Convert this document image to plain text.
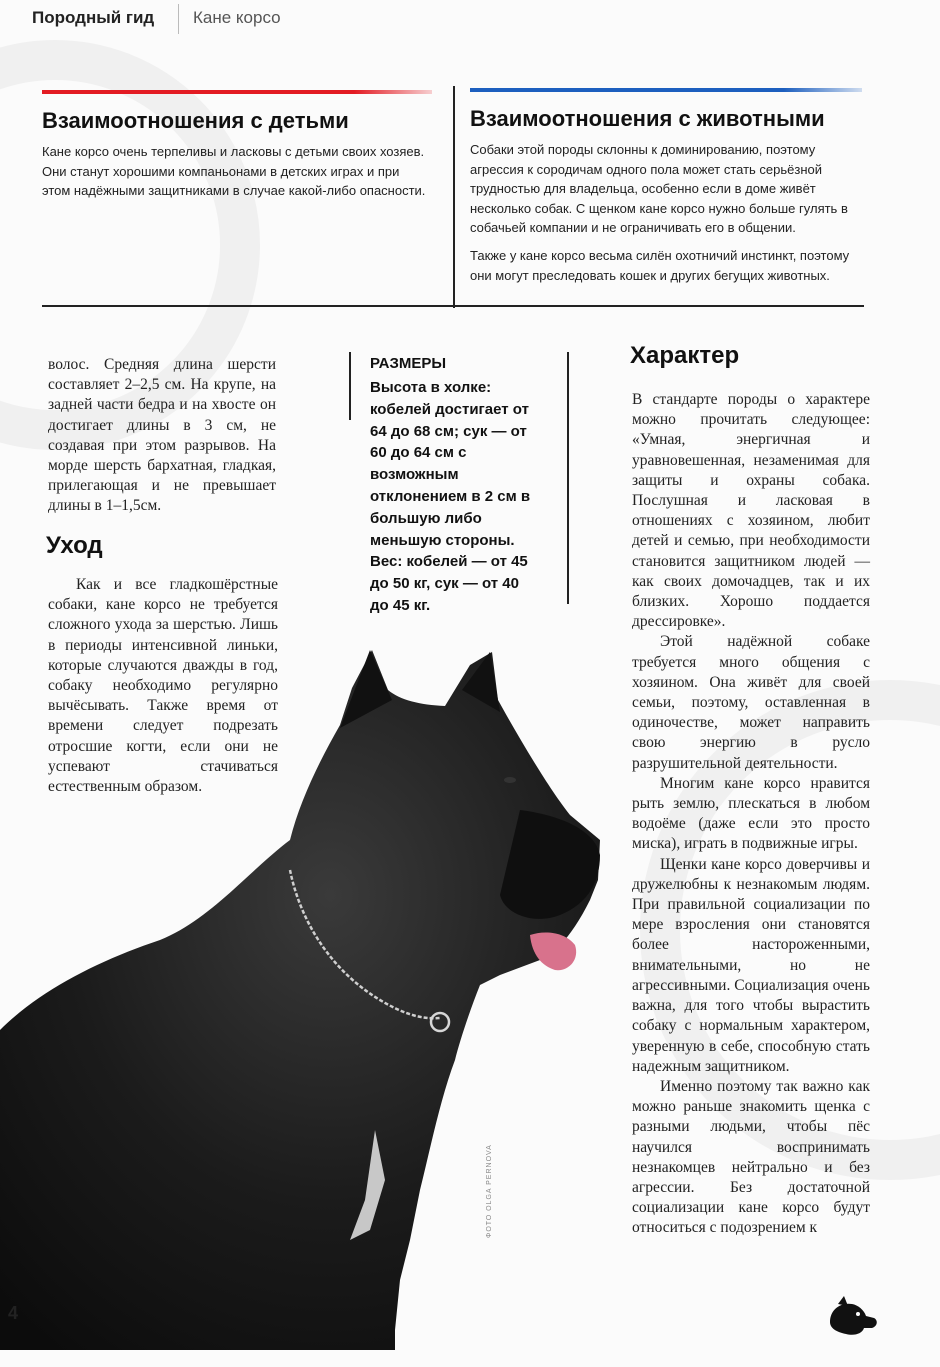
Породный гид Кане корсо
Взаимоотношения с детьми

Кане корсо очень терпеливы и ласковы с детьми своих хозяев. Они станут хорошими компаньонами в детских играх и при этом надёжными защитниками в случае какой-либо опасности.

Взаимоотношения с животными

Собаки этой породы склонны к доминированию, поэтому агрессия к сородичам одного пола может стать серьёзной трудностью для владельца, особенно если в доме живёт несколько собак. С щенком кане корсо нужно больше гулять в собачьей компании и не ограничивать его в общении.

Также у кане корсо весьма силён охотничий инстинкт, поэтому они могут преследовать кошек и других бегущих животных.

волос. Средняя длина шерсти составляет 2–2,5 см. На крупе, на задней части бедра и на хвосте он достигает длины в 3 см, не создавая при этом разрывов. На морде шерсть бархатная, гладкая, прилегающая и не превышает длины в 1–1,5см.

Уход

Как и все гладкошёрстные собаки, кане корсо не требуется сложного ухода за шерстью. Лишь в периоды интенсивной линьки, которые случаются дважды в год, собаку необходимо регулярно вычёсывать. Также время от времени следует подрезать отросшие когти, если они не успевают стачиваться естественным образом.

РАЗМЕРЫ

Высота в холке: кобелей достигает от 64 до 68 см; сук — от 60 до 64 см с возможным отклонением в 2 см в большую либо меньшую стороны. Вес: кобелей — от 45 до 50 кг, сук — от 40 до 45 кг.

Характер

В стандарте породы о характере можно прочитать следующее: «Умная, энергичная и уравновешенная, незаменимая для защиты и охраны собака. Послушная и ласковая в отношениях с хозяином, любит детей и семью, при необходимости становится защитником людей — как своих домочадцев, так и их близких. Хорошо поддается дрессировке».

Этой надёжной собаке требуется много общения с хозяином. Она живёт для своей семьи, поэтому, оставленная в одиночестве, может направить свою энергию в русло разрушительной деятельности.

Многим кане корсо нравится рыть землю, плескаться в любом водоёме (даже если это просто миска), играть в подвижные игры.

Щенки кане корсо доверчивы и дружелюбны к незнакомым людям. При правильной социализации по мере взросления они становятся более настороженными, внимательными, но не агрессивными. Социализация очень важна, для того чтобы вырастить собаку с нормальным характером, уверенную в себе, способную стать надежным защитником.

Именно поэтому так важно как можно раньше знакомить щенка с разными людьми, чтобы пёс научился воспринимать незнакомцев нейтрально и без агрессии. Без достаточной социализации кане корсо будут относиться с подозрением к

ФОТО OLGA PERNOVA
4
